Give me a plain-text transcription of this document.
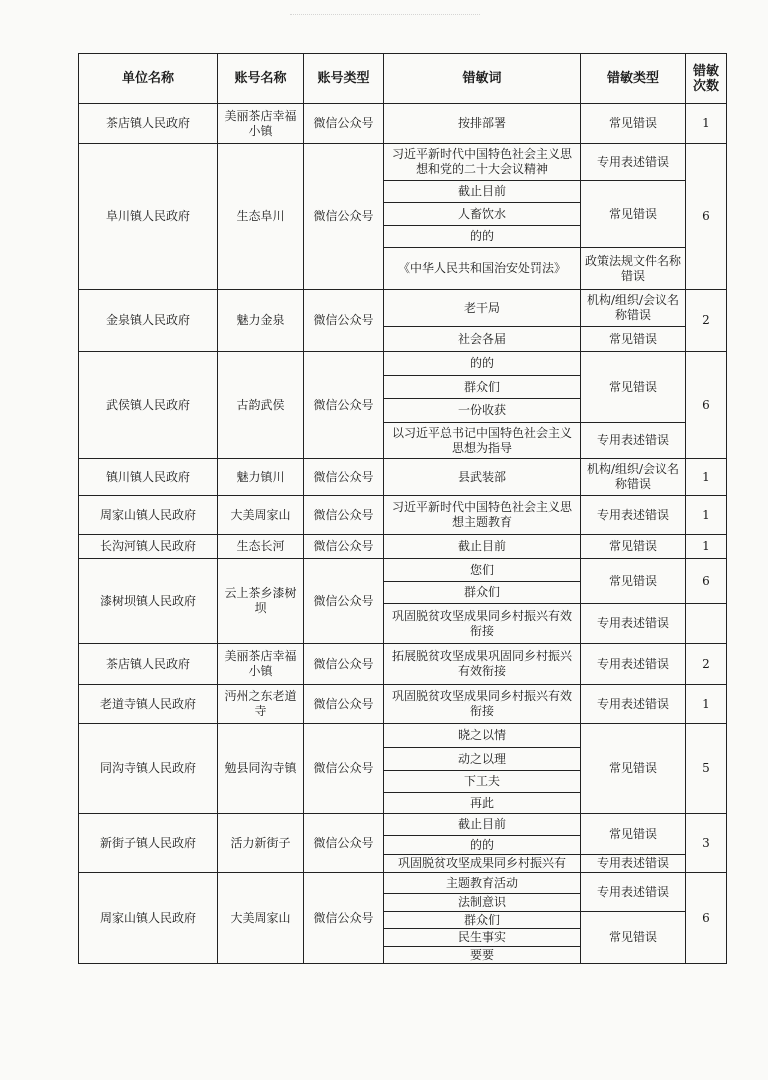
单位名称	账号名称	账号类型	错敏词	错敏类型	错敏次数
茶店镇人民政府	美丽茶店幸福小镇	微信公众号	按排部署	常见错误	1
阜川镇人民政府	生态阜川	微信公众号	习近平新时代中国特色社会主义思想和党的二十大会议精神	专用表述错误	6
			截止目前	常见错误	
			人畜饮水		
			的的		
			《中华人民共和国治安处罚法》	政策法规文件名称错误	
金泉镇人民政府	魅力金泉	微信公众号	老干局	机构/组织/会议名称错误	2
			社会各届	常见错误	
武侯镇人民政府	古韵武侯	微信公众号	的的	常见错误	6
			群众们		
			一份收获		
			以习近平总书记中国特色社会主义思想为指导	专用表述错误	
镇川镇人民政府	魅力镇川	微信公众号	县武装部	机构/组织/会议名称错误	1
周家山镇人民政府	大美周家山	微信公众号	习近平新时代中国特色社会主义思想主题教育	专用表述错误	1
长沟河镇人民政府	生态长河	微信公众号	截止目前	常见错误	1
漆树坝镇人民政府	云上茶乡漆树坝	微信公众号	您们	常见错误	6
			群众们		
			巩固脱贫攻坚成果同乡村振兴有效衔接	专用表述错误	
茶店镇人民政府	美丽茶店幸福小镇	微信公众号	拓展脱贫攻坚成果巩固同乡村振兴有效衔接	专用表述错误	2
老道寺镇人民政府	沔州之东老道寺	微信公众号	巩固脱贫攻坚成果同乡村振兴有效衔接	专用表述错误	1
同沟寺镇人民政府	勉县同沟寺镇	微信公众号	晓之以情	常见错误	5
			动之以理		
			下工夫		
			再此		
新街子镇人民政府	活力新街子	微信公众号	截止目前	常见错误	3
			的的		
			巩固脱贫攻坚成果同乡村振兴有	专用表述错误	
周家山镇人民政府	大美周家山	微信公众号	主题教育活动	专用表述错误	6
			法制意识		
			群众们	常见错误	
			民生事实		
			要要		
